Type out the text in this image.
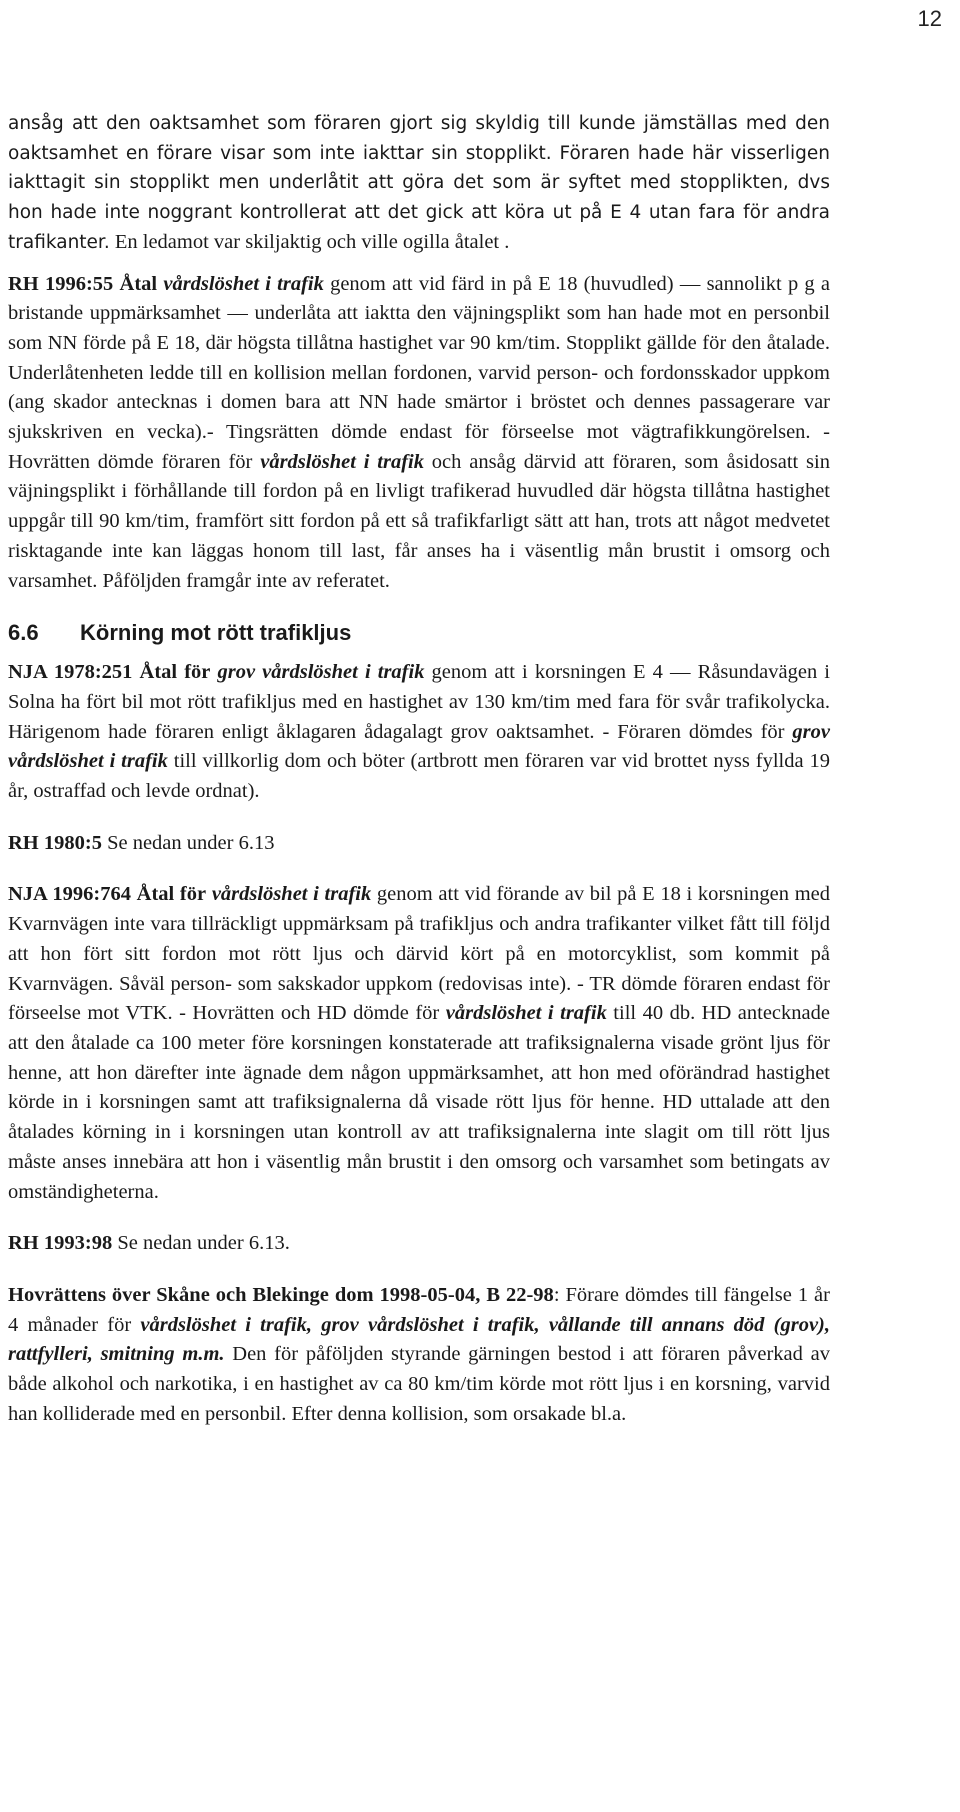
12

ansåg att den oaktsamhet som föraren gjort sig skyldig till kunde jämställas med den oaktsamhet en förare visar som inte iakttar sin stopplikt. Föraren hade här visserligen iakttagit sin stopplikt men underlåtit att göra det som är syftet med stopplikten, dvs hon hade inte noggrant kontrollerat att det gick att köra ut på E 4 utan fara för andra trafikanter. En ledamot var skiljaktig och ville ogilla åtalet .

RH 1996:55 Åtal vårdslöshet i trafik genom att vid färd in på E 18 (huvudled) — sannolikt p g a bristande uppmärksamhet — underlåta att iaktta den väjningsplikt som han hade mot en personbil som NN förde på E 18, där högsta tillåtna hastighet var 90 km/tim. Stopplikt gällde för den åtalade. Underlåtenheten ledde till en kollision mellan fordonen, varvid person- och fordonsskador uppkom (ang skador antecknas i domen bara att NN hade smärtor i bröstet och dennes passagerare var sjukskriven en vecka).- Tingsrätten dömde endast för förseelse mot vägtrafikkungörelsen. - Hovrätten dömde föraren för vårdslöshet i trafik och ansåg därvid att föraren, som åsidosatt sin väjningsplikt i förhållande till fordon på en livligt trafikerad huvudled där högsta tillåtna hastighet uppgår till 90 km/tim, framfört sitt fordon på ett så trafikfarligt sätt att han, trots att något medvetet risktagande inte kan läggas honom till last, får anses ha i väsentlig mån brustit i omsorg och varsamhet. Påföljden framgår inte av referatet.

6.6 Körning mot rött trafikljus

NJA 1978:251 Åtal för grov vårdslöshet i trafik genom att i korsningen E 4 — Råsundavägen i Solna ha fört bil mot rött trafikljus med en hastighet av 130 km/tim med fara för svår trafikolycka. Härigenom hade föraren enligt åklagaren ådagalagt grov oaktsamhet. - Föraren dömdes för grov vårdslöshet i trafik till villkorlig dom och böter (artbrott men föraren var vid brottet nyss fyllda 19 år, ostraffad och levde ordnat).

RH 1980:5 Se nedan under 6.13

NJA 1996:764 Åtal för vårdslöshet i trafik genom att vid förande av bil på E 18 i korsningen med Kvarnvägen inte vara tillräckligt uppmärksam på trafikljus och andra trafikanter vilket fått till följd att hon fört sitt fordon mot rött ljus och därvid kört på en motorcyklist, som kommit på Kvarnvägen. Såväl person- som sakskador uppkom (redovisas inte). - TR dömde föraren endast för förseelse mot VTK. - Hovrätten och HD dömde för vårdslöshet i trafik till 40 db. HD antecknade att den åtalade ca 100 meter före korsningen konstaterade att trafiksignalerna visade grönt ljus för henne, att hon därefter inte ägnade dem någon uppmärksamhet, att hon med oförändrad hastighet körde in i korsningen samt att trafiksignalerna då visade rött ljus för henne. HD uttalade att den åtalades körning in i korsningen utan kontroll av att trafiksignalerna inte slagit om till rött ljus måste anses innebära att hon i väsentlig mån brustit i den omsorg och varsamhet som betingats av omständigheterna.

RH 1993:98 Se nedan under 6.13.

Hovrättens över Skåne och Blekinge dom 1998-05-04, B 22-98: Förare dömdes till fängelse 1 år 4 månader för vårdslöshet i trafik, grov vårdslöshet i trafik, vållande till annans död (grov), rattfylleri, smitning m.m. Den för påföljden styrande gärningen bestod i att föraren påverkad av både alkohol och narkotika, i en hastighet av ca 80 km/tim körde mot rött ljus i en korsning, varvid han kolliderade med en personbil. Efter denna kollision, som orsakade bl.a.
